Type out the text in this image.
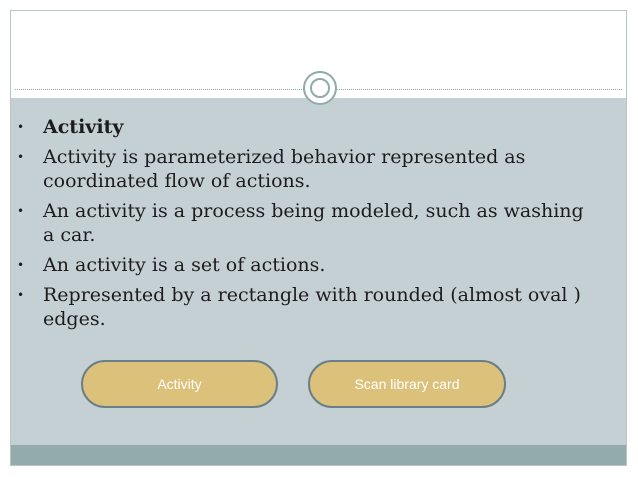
• Activity
• Activity is parameterized behavior represented as coordinated flow of actions.
• An activity is a process being modeled, such as washing a car.
• An activity is a set of actions.
• Represented by a rectangle with rounded (almost oval ) edges.
Activity	Scan library card
